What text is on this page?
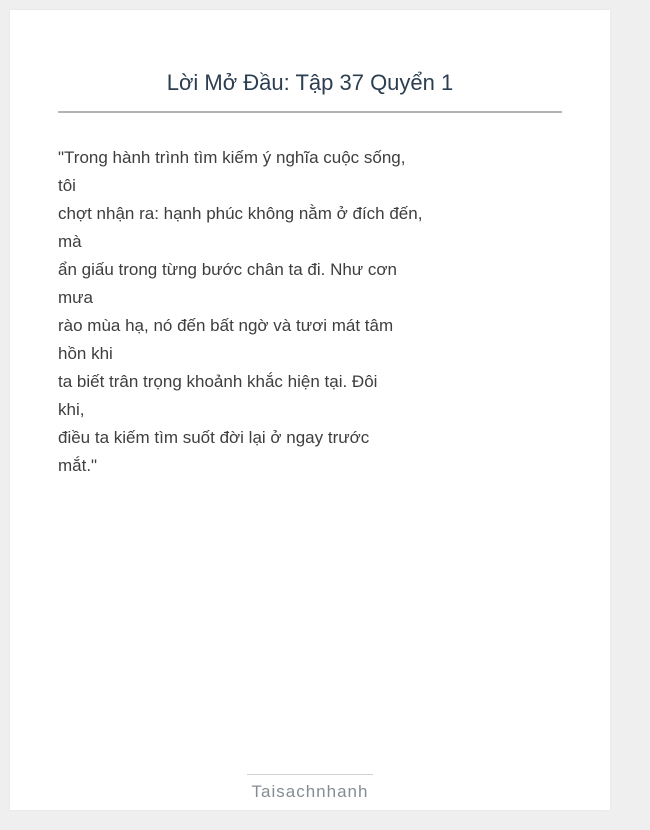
Lời Mở Đầu: Tập 37 Quyển 1
"Trong hành trình tìm kiếm ý nghĩa cuộc sống,
tôi
chợt nhận ra: hạnh phúc không nằm ở đích đến,
mà
ẩn giấu trong từng bước chân ta đi. Như cơn
mưa
rào mùa hạ, nó đến bất ngờ và tươi mát tâm
hồn khi
ta biết trân trọng khoảnh khắc hiện tại. Đôi
khi,
điều ta kiếm tìm suốt đời lại ở ngay trước
mắt."
Taisachnhanh
